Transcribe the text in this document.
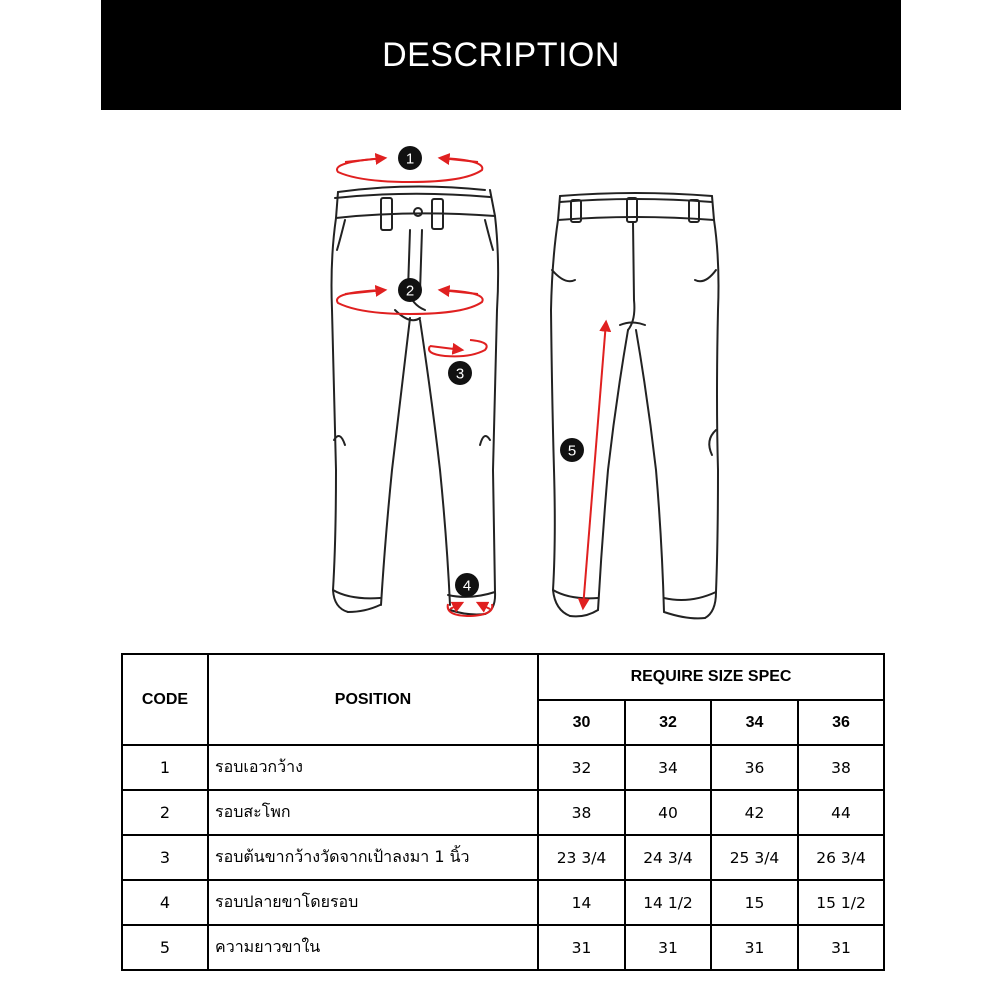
DESCRIPTION
1
2
3
4
5
CODE	POSITION	REQUIRE SIZE SPEC			
		30	32	34	36
1	รอบเอวกว้าง	32	34	36	38
2	รอบสะโพก	38	40	42	44
3	รอบต้นขากว้างวัดจากเป้าลงมา 1 นิ้ว	23 3/4	24 3/4	25 3/4	26 3/4
4	รอบปลายขาโดยรอบ	14	14 1/2	15	15 1/2
5	ความยาวขาใน	31	31	31	31
